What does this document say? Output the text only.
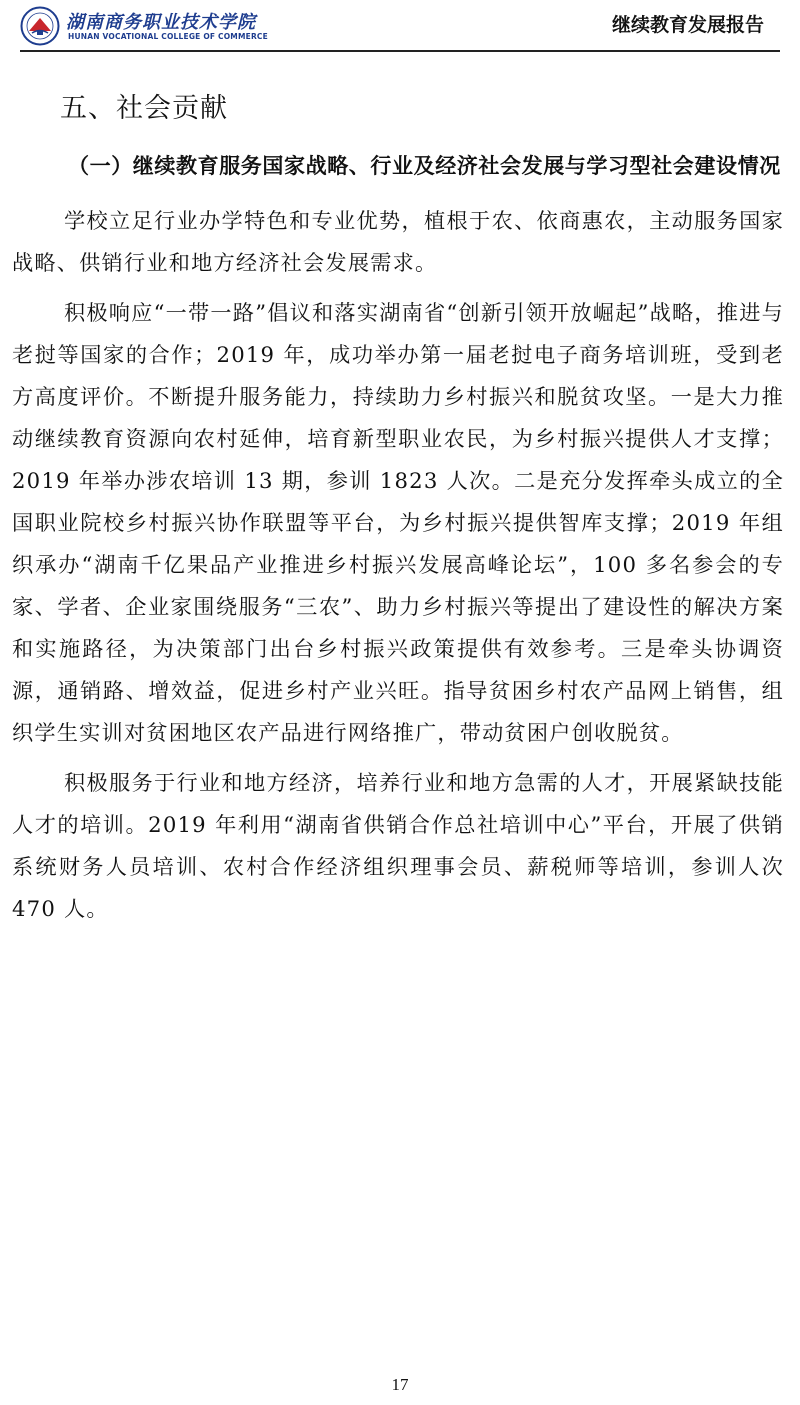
湖南商务职业技术学院
HUNAN VOCATIONAL COLLEGE OF COMMERCE
继续教育发展报告
五、社会贡献
（一）继续教育服务国家战略、行业及经济社会发展与学习型社会建设情况

学校立足行业办学特色和专业优势，植根于农、依商惠农，主动服务国家战略、供销行业和地方经济社会发展需求。

积极响应“一带一路”倡议和落实湖南省“创新引领开放崛起”战略，推进与老挝等国家的合作；2019 年，成功举办第一届老挝电子商务培训班，受到老方高度评价。不断提升服务能力，持续助力乡村振兴和脱贫攻坚。一是大力推动继续教育资源向农村延伸，培育新型职业农民，为乡村振兴提供人才支撑；2019 年举办涉农培训 13 期，参训 1823 人次。二是充分发挥牵头成立的全国职业院校乡村振兴协作联盟等平台，为乡村振兴提供智库支撑；2019 年组织承办“湖南千亿果品产业推进乡村振兴发展高峰论坛”，100 多名参会的专家、学者、企业家围绕服务“三农”、助力乡村振兴等提出了建设性的解决方案和实施路径，为决策部门出台乡村振兴政策提供有效参考。三是牵头协调资源，通销路、增效益，促进乡村产业兴旺。指导贫困乡村农产品网上销售，组织学生实训对贫困地区农产品进行网络推广，带动贫困户创收脱贫。

积极服务于行业和地方经济，培养行业和地方急需的人才，开展紧缺技能人才的培训。2019 年利用“湖南省供销合作总社培训中心”平台，开展了供销系统财务人员培训、农村合作经济组织理事会员、薪税师等培训，参训人次 470 人。

17
